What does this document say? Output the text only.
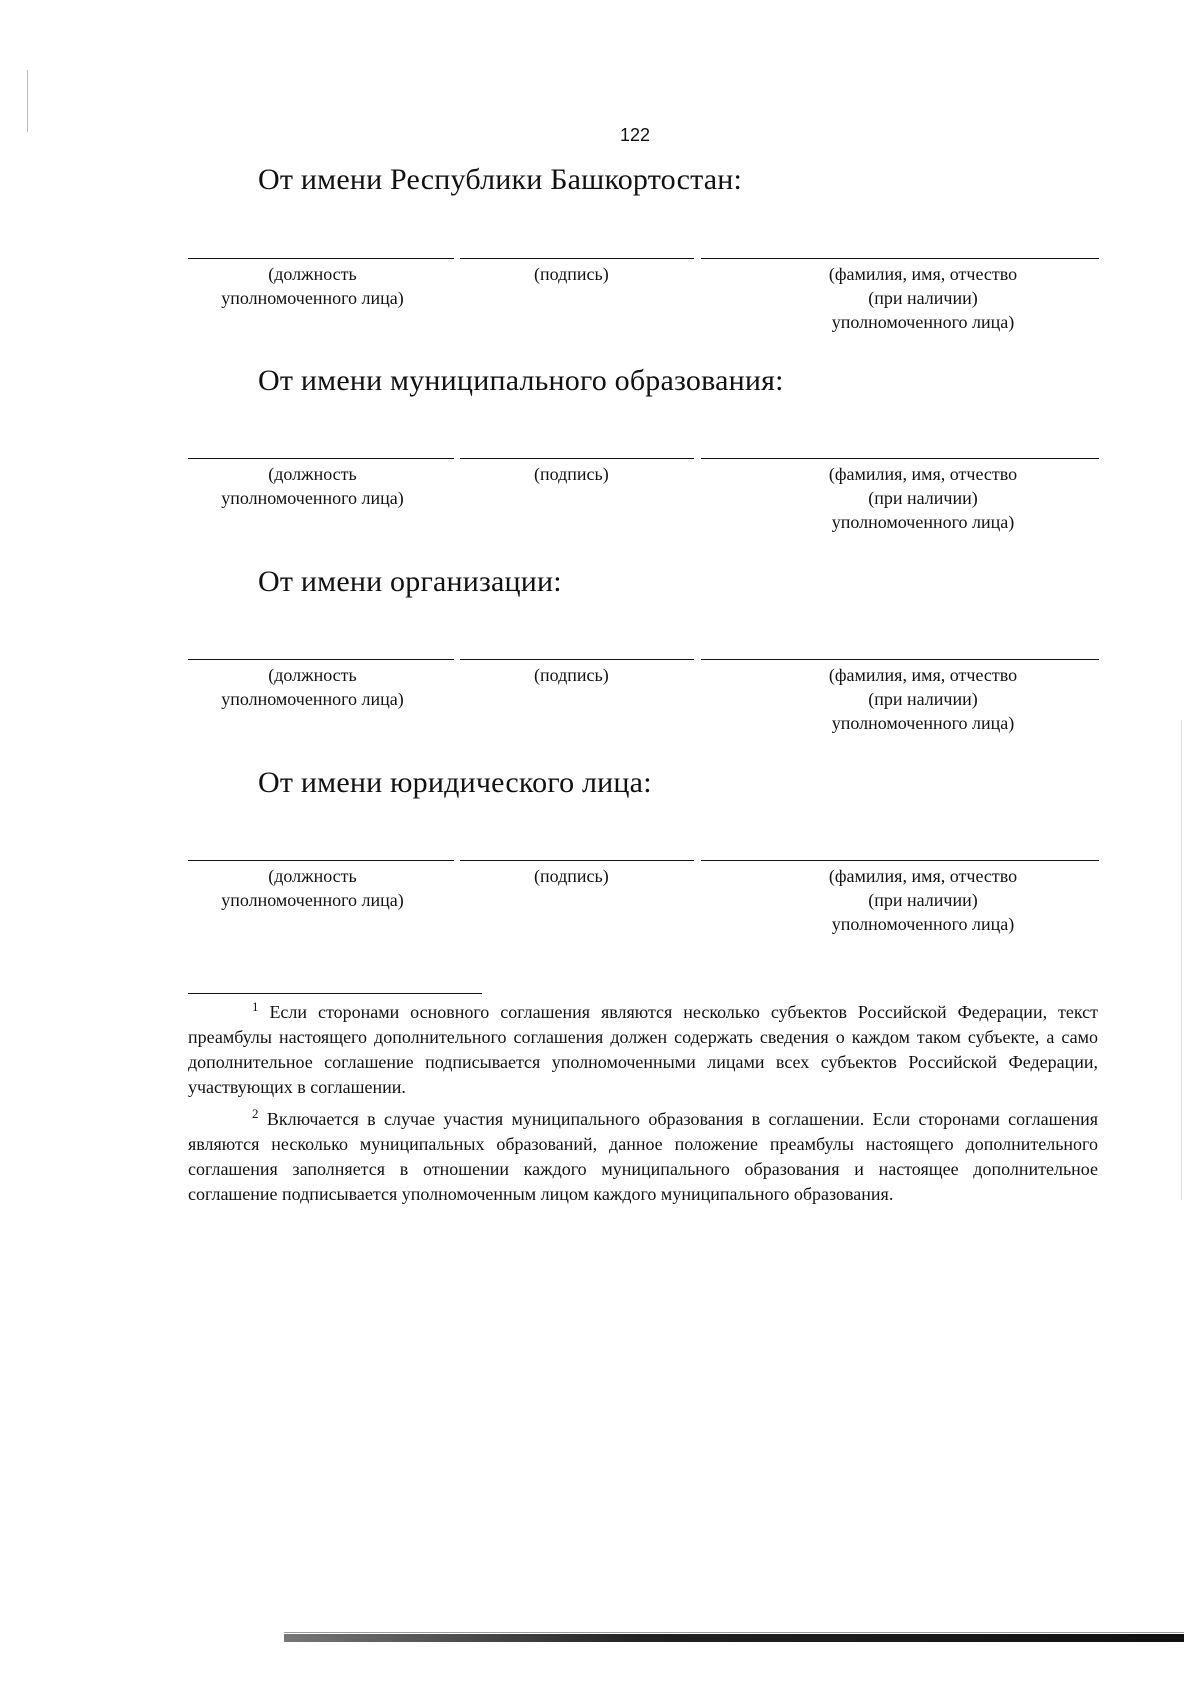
122
От имени Республики Башкортостан:
(должность
уполномоченного лица)
(подпись)	(фамилия, имя, отчество
(при наличии)
уполномоченного лица)
От имени муниципального образования:
(должность
уполномоченного лица)
(подпись)	(фамилия, имя, отчество
(при наличии)
уполномоченного лица)
От имени организации:
(должность
уполномоченного лица)
(подпись)	(фамилия, имя, отчество
(при наличии)
уполномоченного лица)
От имени юридического лица:
(должность
уполномоченного лица)
(подпись)	(фамилия, имя, отчество
(при наличии)
уполномоченного лица)
$^1$ Если сторонами основного соглашения являются несколько субъектов Российской Федерации, текст преамбулы настоящего дополнительного соглашения должен содержать сведения о каждом таком субъекте, а само дополнительное соглашение подписывается уполномоченными лицами всех субъектов Российской Федерации, участвующих в соглашении.
$^2$ Включается в случае участия муниципального образования в соглашении. Если сторонами соглашения являются несколько муниципальных образований, данное положение преамбулы настоящего дополнительного соглашения заполняется в отношении каждого муниципального образования и настоящее дополнительное соглашение подписывается уполномоченным лицом каждого муниципального образования.
